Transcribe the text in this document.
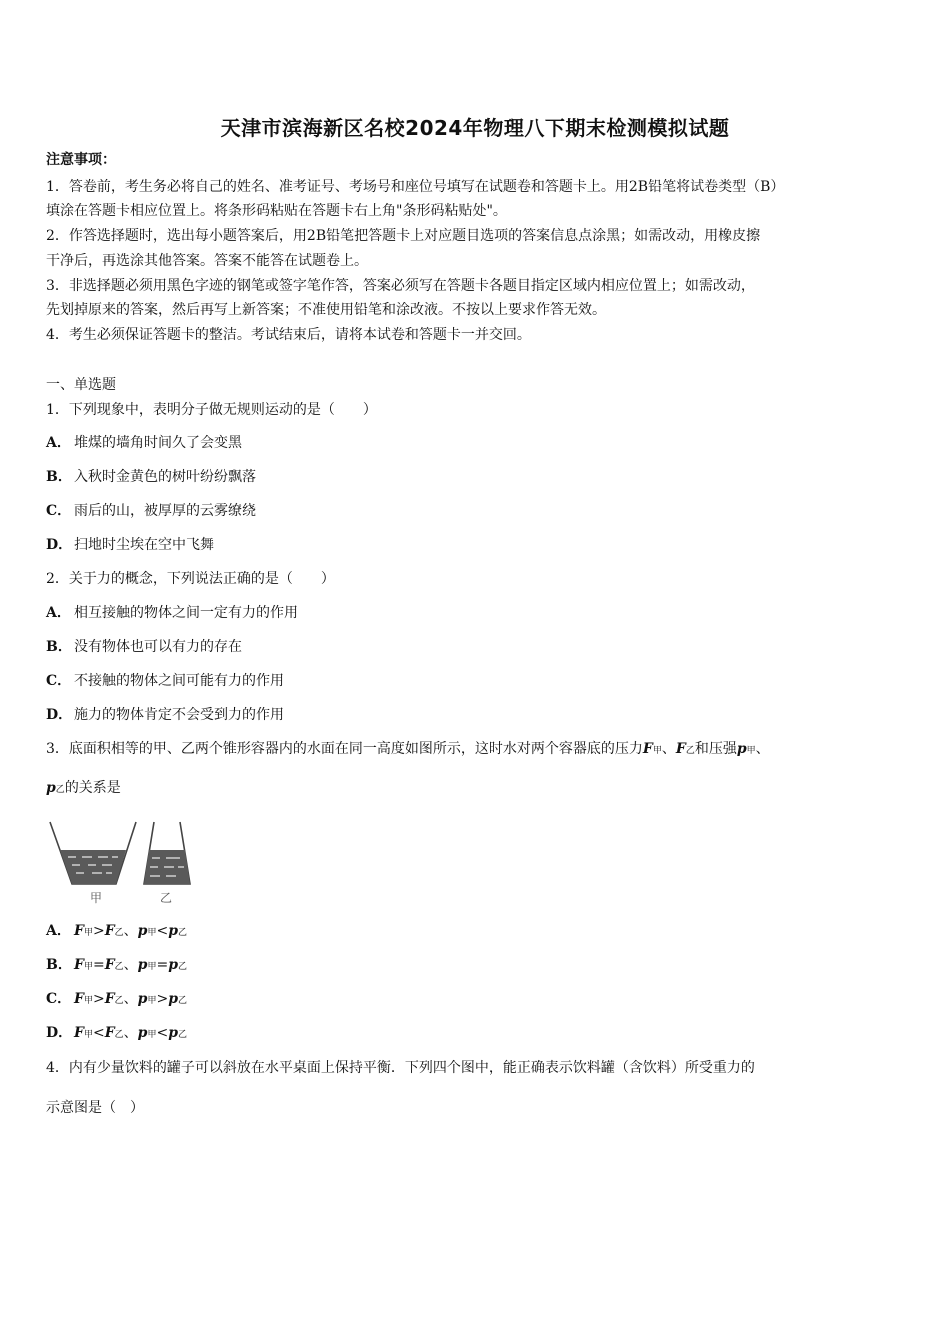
天津市滨海新区名校2024年物理八下期末检测模拟试题
注意事项：
1．答卷前，考生务必将自己的姓名、准考证号、考场号和座位号填写在试题卷和答题卡上。用2B铅笔将试卷类型（B）
填涂在答题卡相应位置上。将条形码粘贴在答题卡右上角"条形码粘贴处"。
2．作答选择题时，选出每小题答案后，用2B铅笔把答题卡上对应题目选项的答案信息点涂黑；如需改动，用橡皮擦
干净后，再选涂其他答案。答案不能答在试题卷上。
3．非选择题必须用黑色字迹的钢笔或签字笔作答，答案必须写在答题卡各题目指定区域内相应位置上；如需改动，
先划掉原来的答案，然后再写上新答案；不准使用铅笔和涂改液。不按以上要求作答无效。
4．考生必须保证答题卡的整洁。考试结束后，请将本试卷和答题卡一并交回。
一、单选题
1．下列现象中，表明分子做无规则运动的是（　　）
A． 堆煤的墙角时间久了会变黑
B． 入秋时金黄色的树叶纷纷飘落
C． 雨后的山，被厚厚的云雾缭绕
D． 扫地时尘埃在空中飞舞
2．关于力的概念，下列说法正确的是（　　）
A． 相互接触的物体之间一定有力的作用
B． 没有物体也可以有力的存在
C． 不接触的物体之间可能有力的作用
D． 施力的物体肯定不会受到力的作用
3．底面积相等的甲、乙两个锥形容器内的水面在同一高度如图所示，这时水对两个容器底的压力F甲、F乙和压强p甲、
p乙的关系是
甲	乙
A． F甲>F乙、p甲<p乙
B． F甲=F乙、p甲=p乙
C． F甲>F乙、p甲>p乙
D． F甲<F乙、p甲<p乙
4．内有少量饮料的罐子可以斜放在水平桌面上保持平衡．下列四个图中，能正确表示饮料罐（含饮料）所受重力的
示意图是（　）
